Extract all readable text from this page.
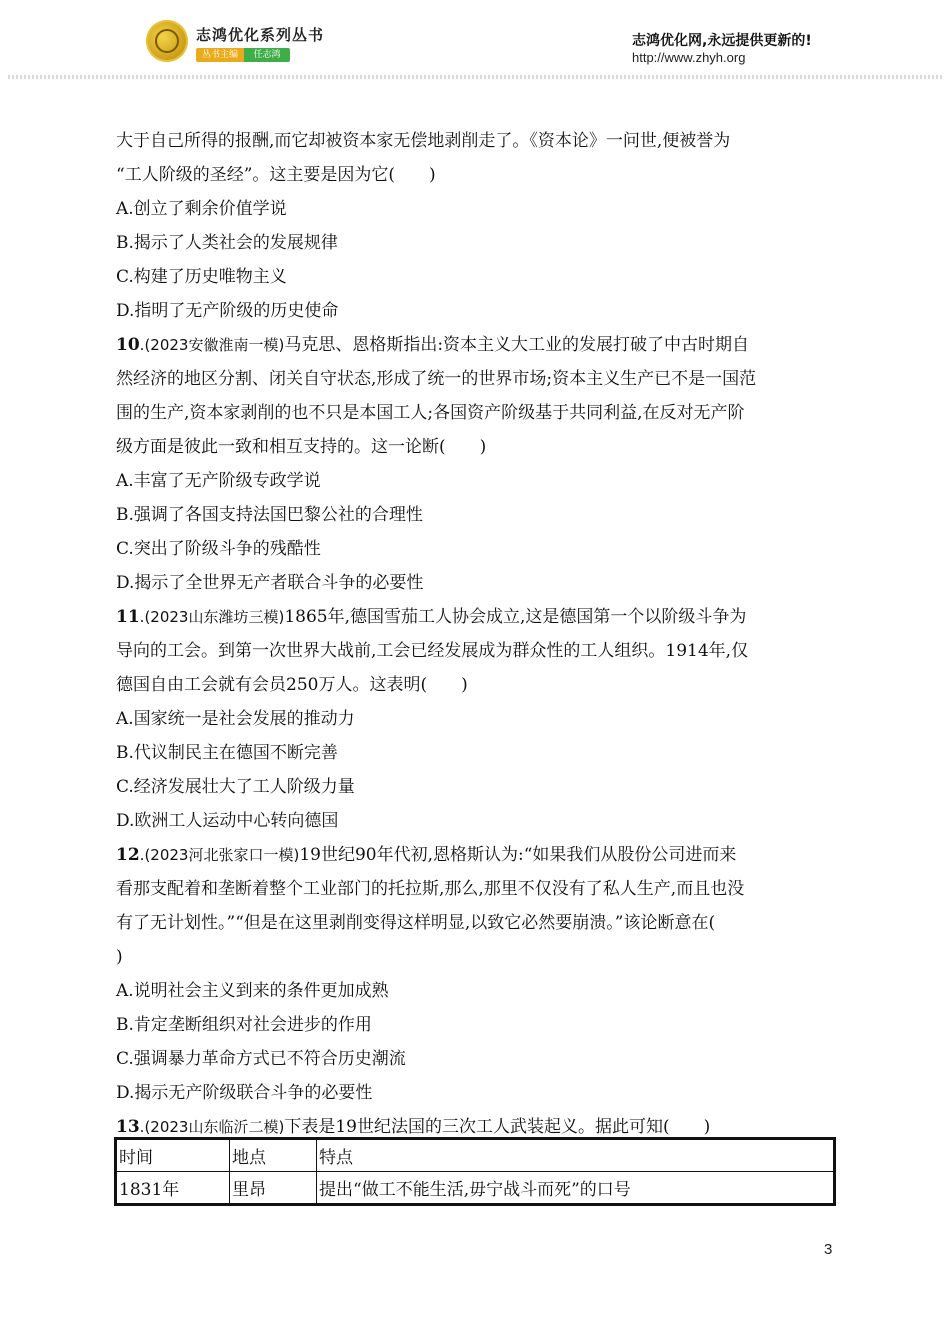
志鸿优化系列丛书
丛书主编	任志鸿
志鸿优化网,永远提供更新的!
http://www.zhyh.org
大于自己所得的报酬,而它却被资本家无偿地剥削走了。《资本论》一问世,便被誉为
“工人阶级的圣经”。这主要是因为它(　　)
A.创立了剩余价值学说
B.揭示了人类社会的发展规律
C.构建了历史唯物主义
D.指明了无产阶级的历史使命
10.(2023安徽淮南一模)马克思、恩格斯指出:资本主义大工业的发展打破了中古时期自
然经济的地区分割、闭关自守状态,形成了统一的世界市场;资本主义生产已不是一国范
围的生产,资本家剥削的也不只是本国工人;各国资产阶级基于共同利益,在反对无产阶
级方面是彼此一致和相互支持的。这一论断(　　)
A.丰富了无产阶级专政学说
B.强调了各国支持法国巴黎公社的合理性
C.突出了阶级斗争的残酷性
D.揭示了全世界无产者联合斗争的必要性
11.(2023山东潍坊三模)1865年,德国雪茄工人协会成立,这是德国第一个以阶级斗争为
导向的工会。到第一次世界大战前,工会已经发展成为群众性的工人组织。1914年,仅
德国自由工会就有会员250万人。这表明(　　)
A.国家统一是社会发展的推动力
B.代议制民主在德国不断完善
C.经济发展壮大了工人阶级力量
D.欧洲工人运动中心转向德国
12.(2023河北张家口一模)19世纪90年代初,恩格斯认为:“如果我们从股份公司进而来
看那支配着和垄断着整个工业部门的托拉斯,那么,那里不仅没有了私人生产,而且也没
有了无计划性。”“但是在这里剥削变得这样明显,以致它必然要崩溃。”该论断意在(
)
A.说明社会主义到来的条件更加成熟
B.肯定垄断组织对社会进步的作用
C.强调暴力革命方式已不符合历史潮流
D.揭示无产阶级联合斗争的必要性
13.(2023山东临沂二模)下表是19世纪法国的三次工人武装起义。据此可知(　　)
时间	地点	特点
1831年	里昂	提出“做工不能生活,毋宁战斗而死”的口号
3
